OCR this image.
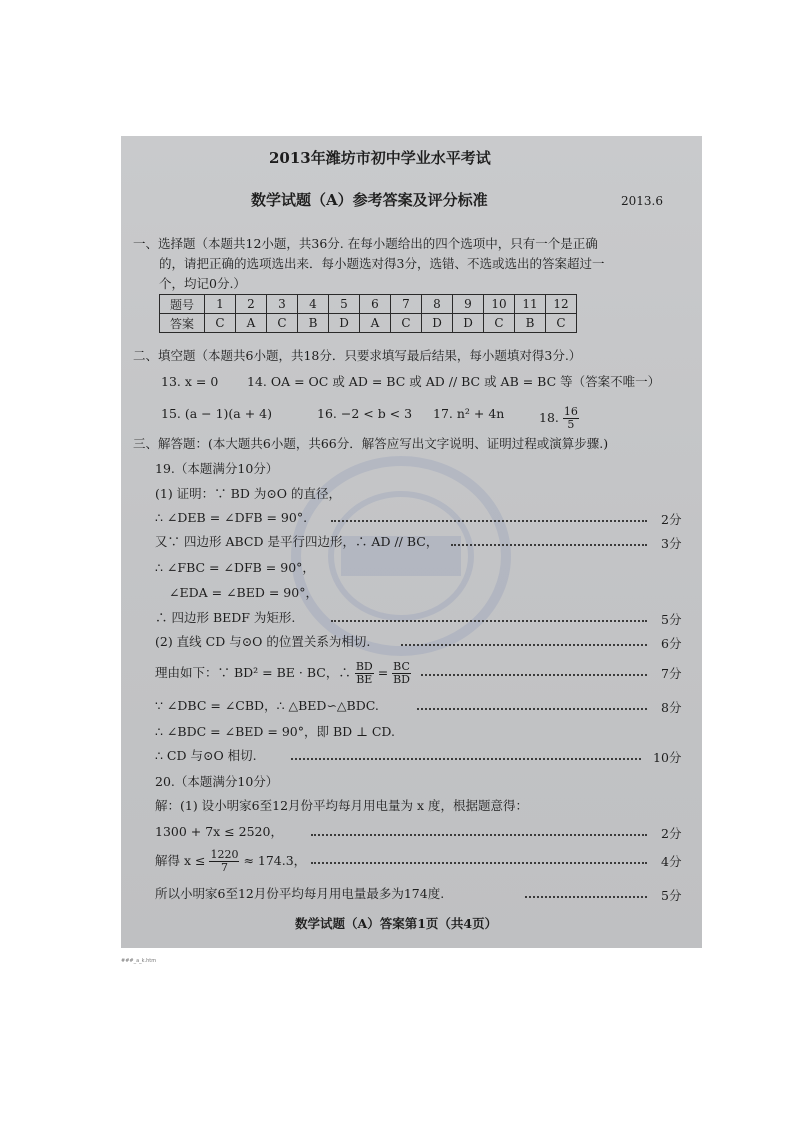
2013年潍坊市初中学业水平考试
数学试题（A）参考答案及评分标准	2013.6
一、选择题（本题共12小题，共36分. 在每小题给出的四个选项中，只有一个是正确
的，请把正确的选项选出来．每小题选对得3分，选错、不选或选出的答案超过一
个，均记0分.）
题号	1	2	3	4	5	6	7	8	9	10	11	12
答案	C	A	C	B	D	A	C	D	D	C	B	C
二、填空题（本题共6小题，共18分．只要求填写最后结果，每小题填对得3分.）
13. x = 0 14. OA = OC 或 AD = BC 或 AD // BC 或 AB = BC 等（答案不唯一）
15. (a − 1)(a + 4)	16. −2 < b < 3 17. n² + 4n	18. $\frac{16}{5}$
三、解答题：(本大题共6小题，共66分．解答应写出文字说明、证明过程或演算步骤.)
19.（本题满分10分）
(1) 证明：∵ BD 为⊙O 的直径，
∴ ∠DEB = ∠DFB = 90°.	2分
又∵ 四边形 ABCD 是平行四边形，∴ AD // BC，	3分
∴ ∠FBC = ∠DFB = 90°，
∠EDA = ∠BED = 90°，
∴ 四边形 BEDF 为矩形.	5分
(2) 直线 CD 与⊙O 的位置关系为相切.	6分
理由如下：∵ BD² = BE · BC，∴ $\frac{BD}{BE} = \frac{BC}{BD}$	7分
∵ ∠DBC = ∠CBD，∴ △BED∽△BDC.	8分
∴ ∠BDC = ∠BED = 90°，即 BD ⊥ CD.
∴ CD 与⊙O 相切.	10分
20.（本题满分10分）
解：(1) 设小明家6至12月份平均每月用电量为 x 度，根据题意得：
1300 + 7x ≤ 2520，	2分
解得 $x \le \frac{1220}{7} \approx 174.3$，	4分
所以小明家6至12月份平均每月用电量最多为174度.	5分
数学试题（A）答案第1页（共4页）
###_a_k.htm
